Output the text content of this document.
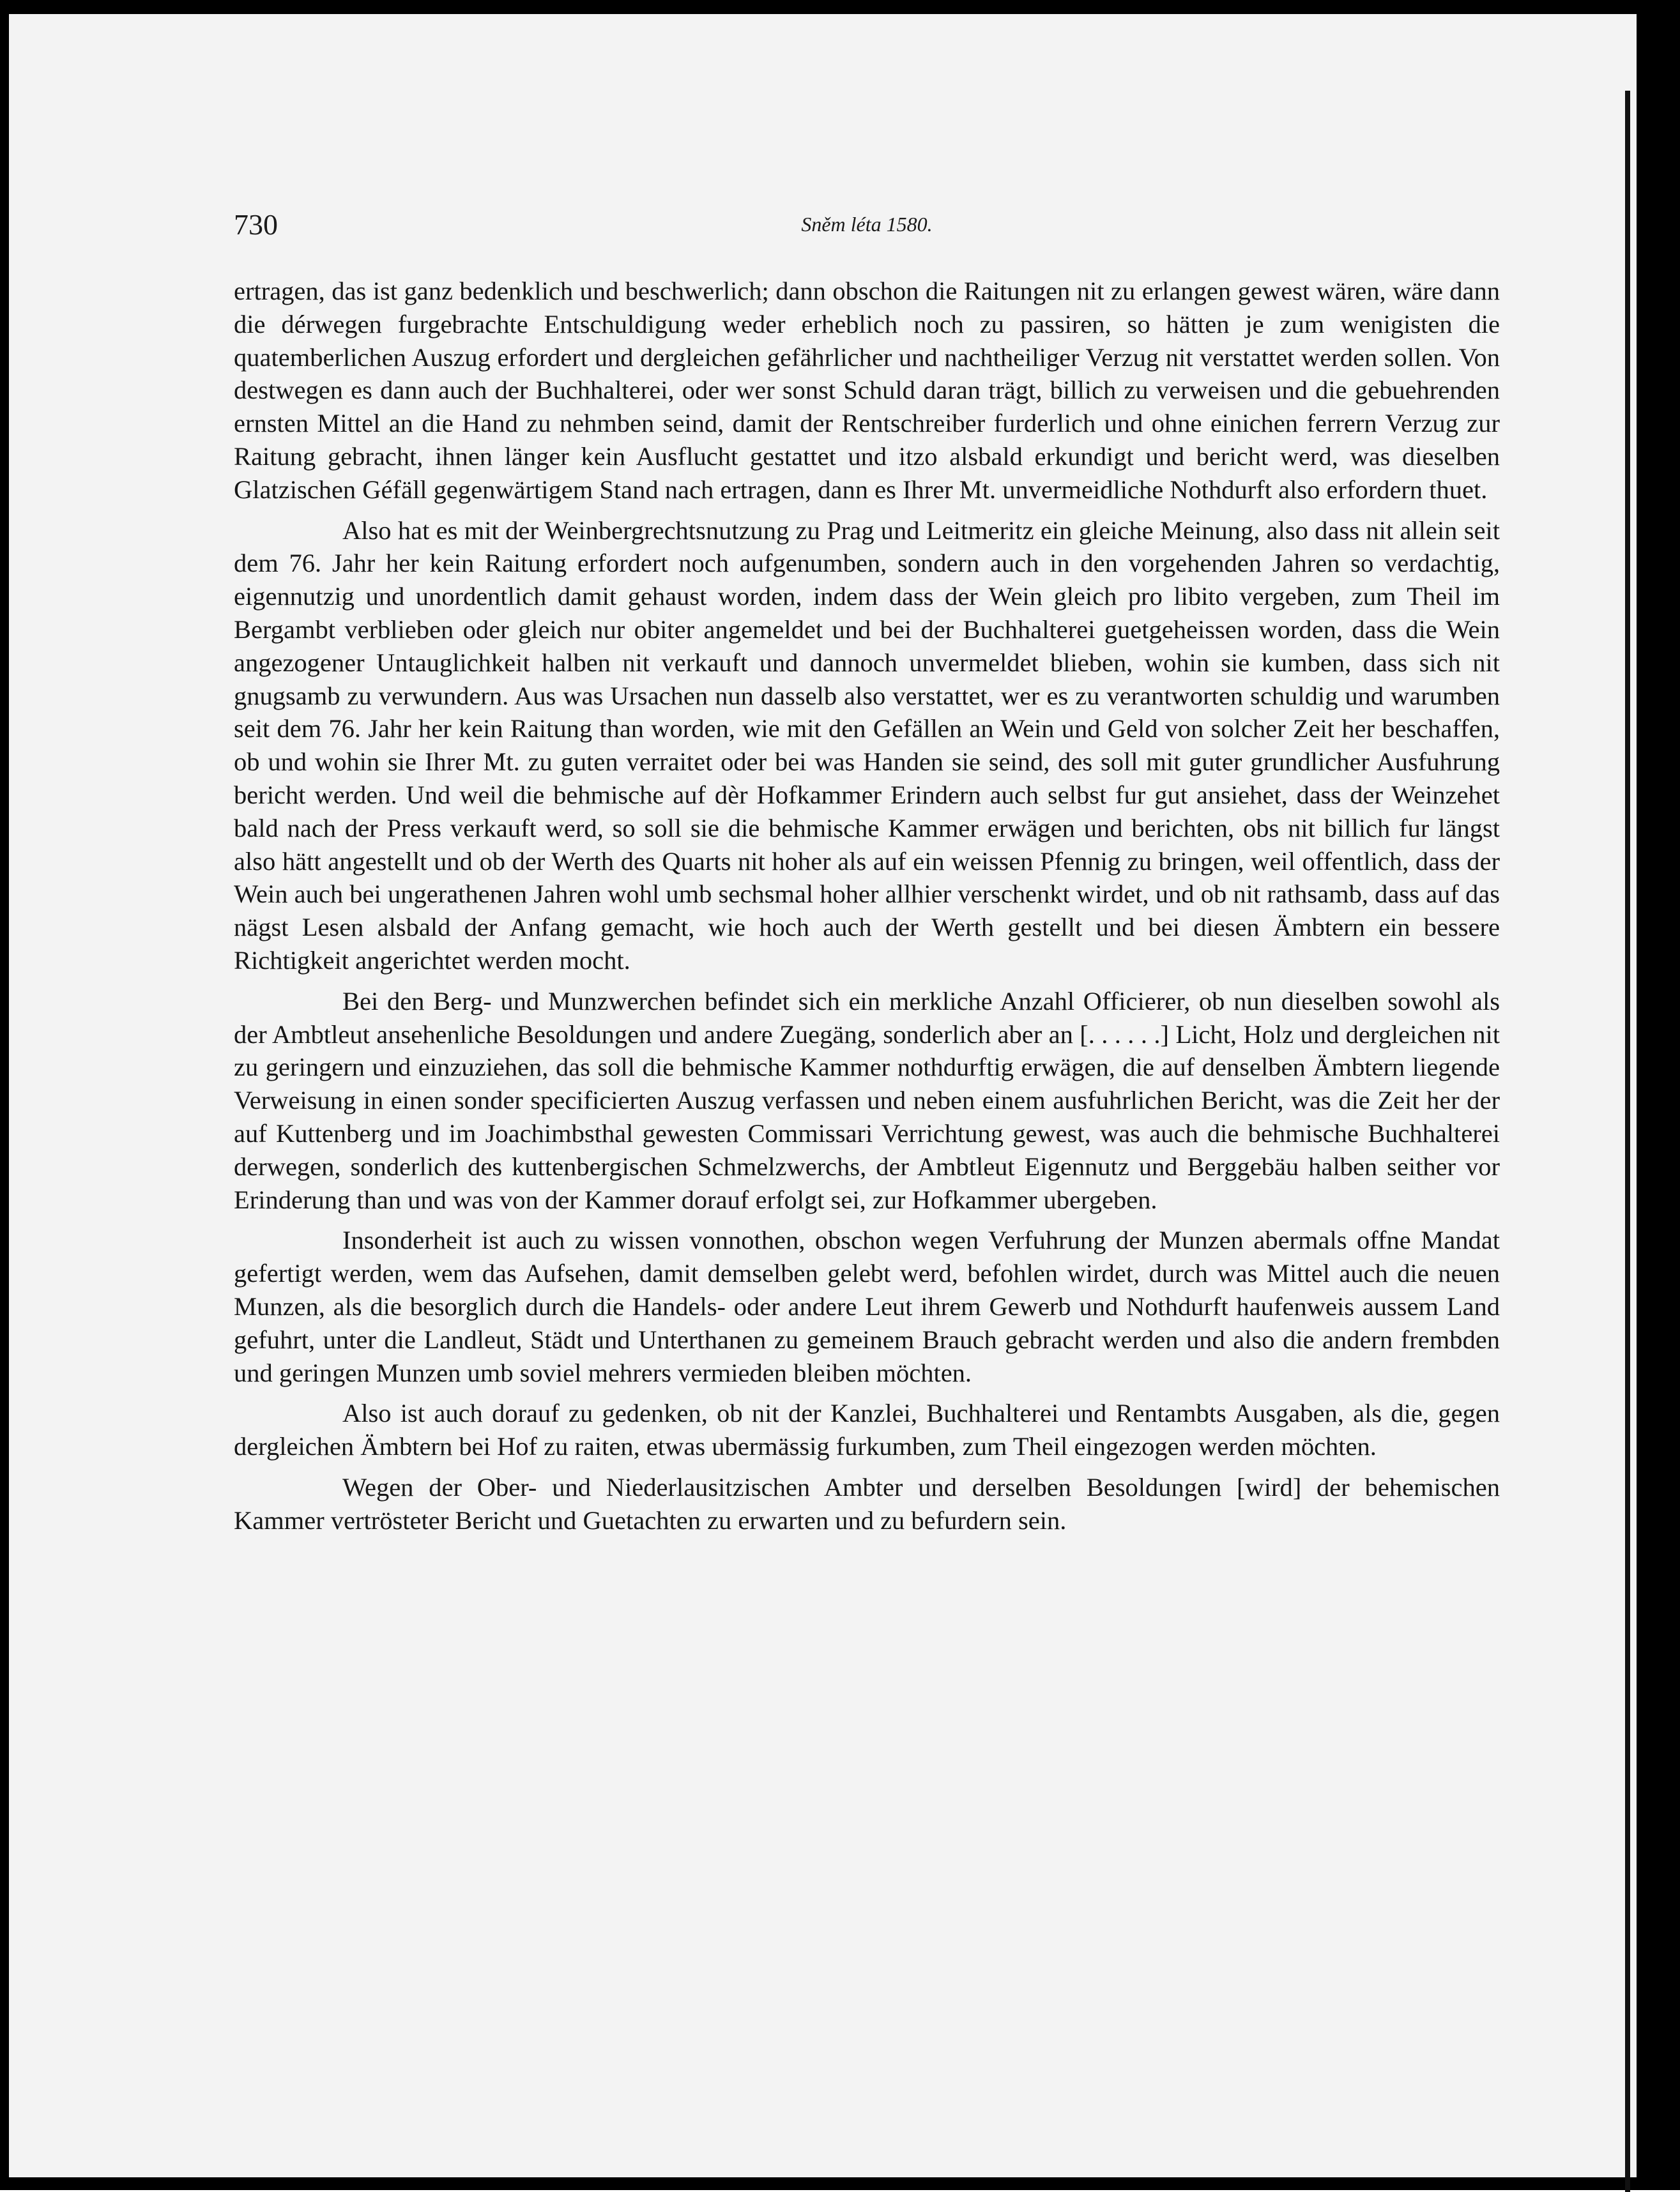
730	Sněm léta 1580.

ertragen, das ist ganz bedenklich und beschwerlich; dann obschon die Raitungen nit zu erlangen gewest wären, wäre dann die dérwegen furgebrachte Entschuldigung weder erheblich noch zu passiren, so hätten je zum wenigisten die quatemberlichen Auszug erfordert und dergleichen gefährlicher und nachtheiliger Verzug nit verstattet werden sollen. Von destwegen es dann auch der Buchhalterei, oder wer sonst Schuld daran trägt, billich zu verweisen und die gebuehrenden ernsten Mittel an die Hand zu nehmben seind, damit der Rentschreiber furderlich und ohne einichen ferrern Verzug zur Raitung gebracht, ihnen länger kein Ausflucht gestattet und itzo alsbald erkundigt und bericht werd, was dieselben Glatzischen Géfäll gegenwärtigem Stand nach ertragen, dann es Ihrer Mt. unvermeidliche Nothdurft also erfordern thuet.

Also hat es mit der Weinbergrechtsnutzung zu Prag und Leitmeritz ein gleiche Meinung, also dass nit allein seit dem 76. Jahr her kein Raitung erfordert noch aufgenumben, sondern auch in den vorgehenden Jahren so verdachtig, eigennutzig und unordentlich damit gehaust worden, indem dass der Wein gleich pro libito vergeben, zum Theil im Bergambt verblieben oder gleich nur obiter angemeldet und bei der Buchhalterei guetgeheissen worden, dass die Wein angezogener Untauglichkeit halben nit verkauft und dannoch unvermeldet blieben, wohin sie kumben, dass sich nit gnugsamb zu verwundern. Aus was Ursachen nun dasselb also verstattet, wer es zu verantworten schuldig und warumben seit dem 76. Jahr her kein Raitung than worden, wie mit den Gefällen an Wein und Geld von solcher Zeit her beschaffen, ob und wohin sie Ihrer Mt. zu guten verraitet oder bei was Handen sie seind, des soll mit guter grundlicher Ausfuhrung bericht werden. Und weil die behmische auf dèr Hofkammer Erindern auch selbst fur gut ansiehet, dass der Weinzehet bald nach der Press verkauft werd, so soll sie die behmische Kammer erwägen und berichten, obs nit billich fur längst also hätt angestellt und ob der Werth des Quarts nit hoher als auf ein weissen Pfennig zu bringen, weil offentlich, dass der Wein auch bei ungerathenen Jahren wohl umb sechsmal hoher allhier verschenkt wirdet, und ob nit rathsamb, dass auf das nägst Lesen alsbald der Anfang gemacht, wie hoch auch der Werth gestellt und bei diesen Ämbtern ein bessere Richtigkeit angerichtet werden mocht.

Bei den Berg- und Munzwerchen befindet sich ein merkliche Anzahl Officierer, ob nun dieselben sowohl als der Ambtleut ansehenliche Besoldungen und andere Zuegäng, sonderlich aber an [. . . . . .] Licht, Holz und dergleichen nit zu geringern und einzuziehen, das soll die behmische Kammer nothdurftig erwägen, die auf denselben Ämbtern liegende Verweisung in einen sonder specificierten Auszug verfassen und neben einem ausfuhrlichen Bericht, was die Zeit her der auf Kuttenberg und im Joachimbsthal gewesten Commissari Verrichtung gewest, was auch die behmische Buchhalterei derwegen, sonderlich des kuttenbergischen Schmelzwerchs, der Ambtleut Eigennutz und Berggebäu halben seither vor Erinderung than und was von der Kammer dorauf erfolgt sei, zur Hofkammer ubergeben.

Insonderheit ist auch zu wissen vonnothen, obschon wegen Verfuhrung der Munzen abermals offne Mandat gefertigt werden, wem das Aufsehen, damit demselben gelebt werd, befohlen wirdet, durch was Mittel auch die neuen Munzen, als die besorglich durch die Handels- oder andere Leut ihrem Gewerb und Nothdurft haufenweis aussem Land gefuhrt, unter die Landleut, Städt und Unterthanen zu gemeinem Brauch gebracht werden und also die andern frembden und geringen Munzen umb soviel mehrers vermieden bleiben möchten.

Also ist auch dorauf zu gedenken, ob nit der Kanzlei, Buchhalterei und Rentambts Ausgaben, als die, gegen dergleichen Ämbtern bei Hof zu raiten, etwas ubermässig furkumben, zum Theil eingezogen werden möchten.

Wegen der Ober- und Niederlausitzischen Ambter und derselben Besoldungen [wird] der behemischen Kammer vertrösteter Bericht und Guetachten zu erwarten und zu befurdern sein.
